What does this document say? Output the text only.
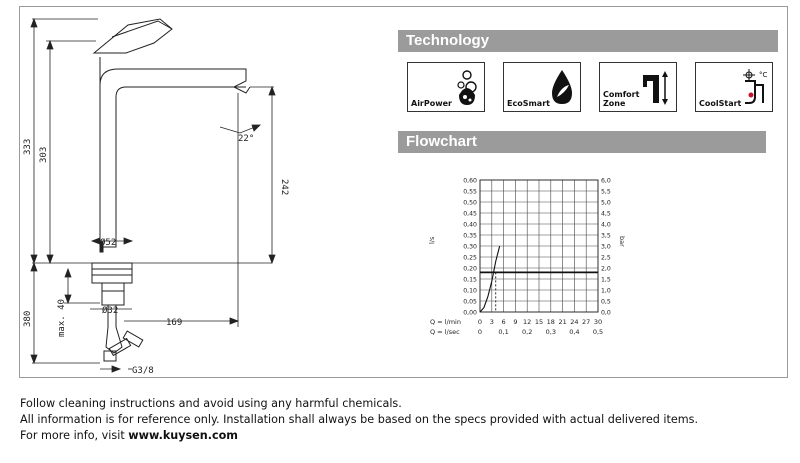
333 303
242
380	max. 40	169
Ø52
Ø32
G3/8
22°
Technology
AirPower	EcoSmart
Comfort Zone
°C
CoolStart
Flowchart
0,60
0,55
0,50
0,45
0,40
0,35
0,30
0,25
0,20
0,15
0,10
0,05
0,00
6,0
5,5
5,0
4,5
4,0
3,5
3,0
2,5
2,0
1,5
1,0
0,5
0,0
0 3 6 9 12 15 18 21 24 27 30
0	0,1 0,2 0,3 0,4 0,5
l/s	bar
Q = l/min
Q = l/sec

Follow cleaning instructions and avoid using any harmful chemicals.

All information is for reference only. Installation shall always be based on the specs provided with actual delivered items.

For more info, visit www.kuysen.com
